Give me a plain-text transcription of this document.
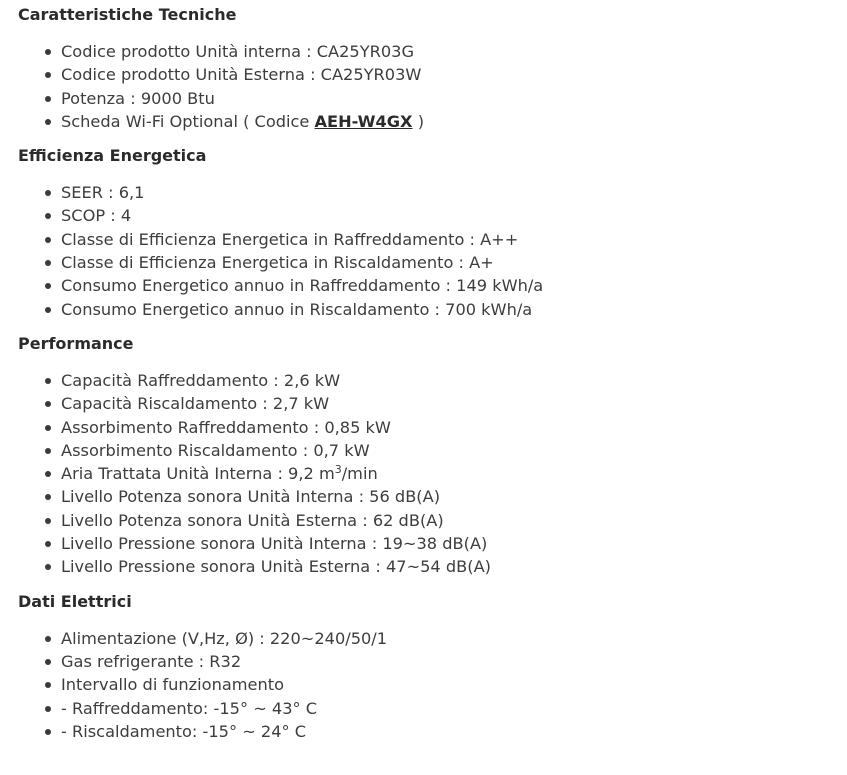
Caratteristiche Tecniche
Codice prodotto Unità interna : CA25YR03G
Codice prodotto Unità Esterna : CA25YR03W
Potenza : 9000 Btu
Scheda Wi-Fi Optional ( Codice AEH-W4GX )
Efficienza Energetica
SEER : 6,1
SCOP : 4
Classe di Efficienza Energetica in Raffreddamento : A++
Classe di Efficienza Energetica in Riscaldamento : A+
Consumo Energetico annuo in Raffreddamento : 149 kWh/a
Consumo Energetico annuo in Riscaldamento : 700 kWh/a
Performance
Capacità Raffreddamento : 2,6 kW
Capacità Riscaldamento : 2,7 kW
Assorbimento Raffreddamento : 0,85 kW
Assorbimento Riscaldamento : 0,7 kW
Aria Trattata Unità Interna : 9,2 $m^3/\min$
Livello Potenza sonora Unità Interna : 56 dB(A)
Livello Potenza sonora Unità Esterna : 62 dB(A)
Livello Pressione sonora Unità Interna : 19~38 dB(A)
Livello Pressione sonora Unità Esterna : 47~54 dB(A)
Dati Elettrici
Alimentazione (V,Hz, Ø) : 220~240/50/1
Gas refrigerante : R32
Intervallo di funzionamento
- Raffreddamento: -15° ~ 43° C
- Riscaldamento: -15° ~ 24° C
